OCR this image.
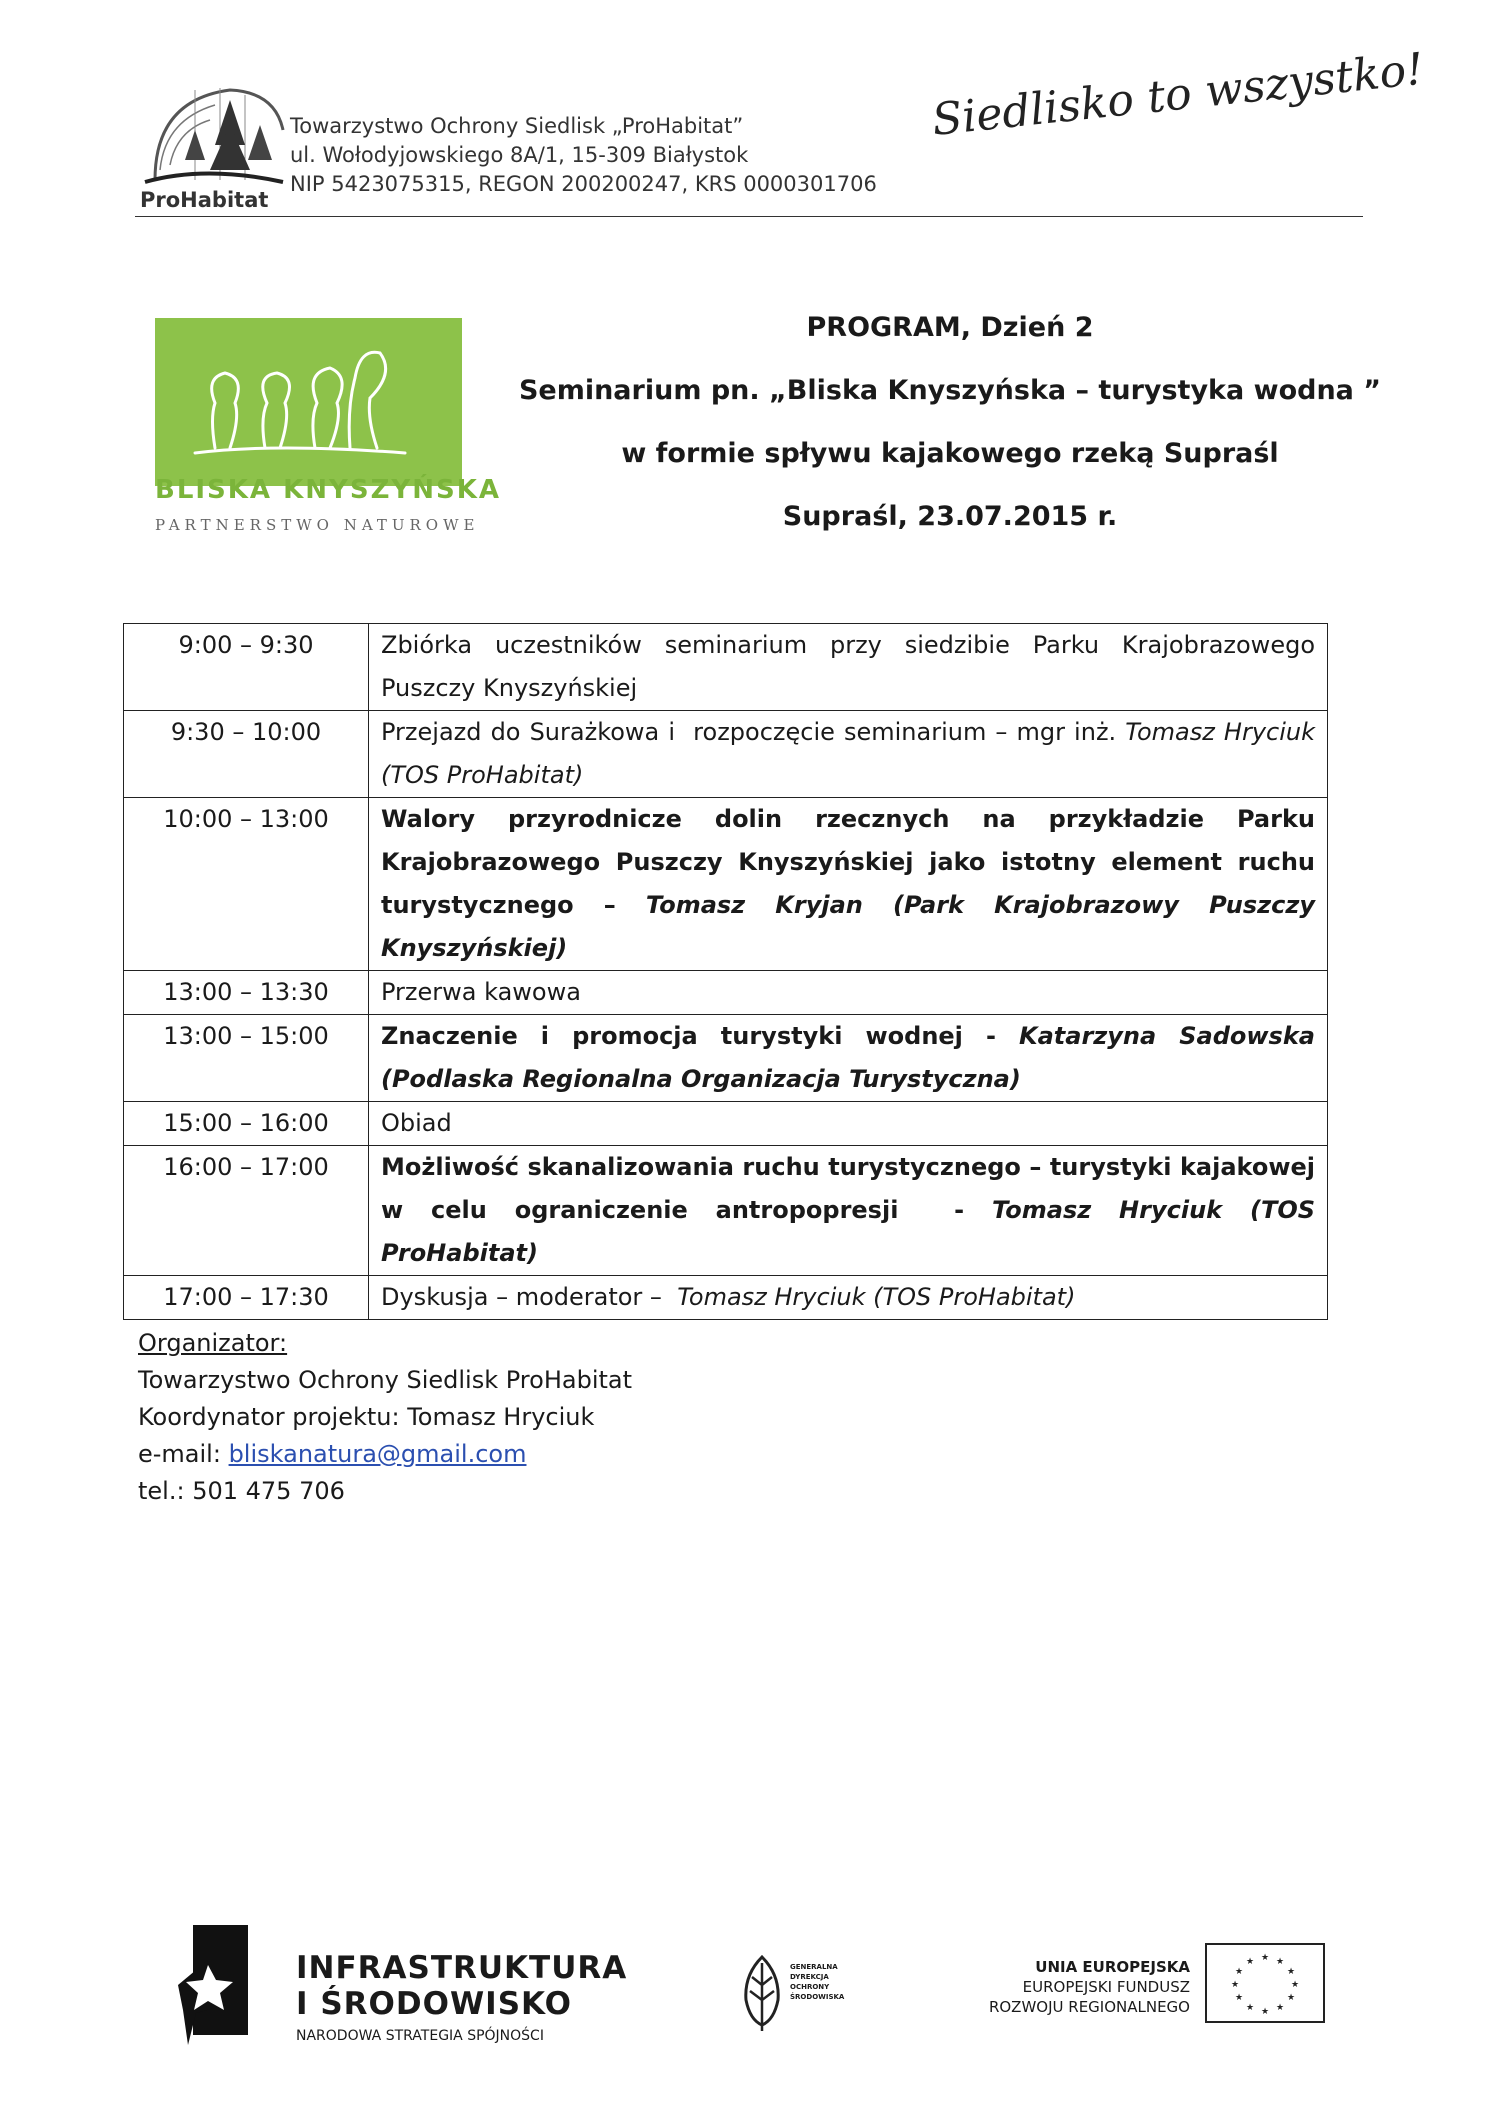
ProHabitat
Towarzystwo Ochrony Siedlisk „ProHabitat”
ul. Wołodyjowskiego 8A/1, 15-309 Białystok
NIP 5423075315, REGON 200200247, KRS 0000301706
Siedlisko to wszystko!
BLISKA KNYSZYŃSKA
PARTNERSTWO NATUROWE
PROGRAM, Dzień 2
Seminarium pn. „Bliska Knyszyńska – turystyka wodna ”
w formie spływu kajakowego rzeką Supraśl
Supraśl, 23.07.2015 r.
9:00 – 9:30	Zbiórka uczestników seminarium przy siedzibie Parku Krajobrazowego Puszczy Knyszyńskiej
9:30 – 10:00	Przejazd do Surażkowa i  rozpoczęcie seminarium – mgr inż. Tomasz Hryciuk (TOS ProHabitat)
10:00 – 13:00	Walory przyrodnicze dolin rzecznych na przykładzie Parku Krajobrazowego Puszczy Knyszyńskiej jako istotny element ruchu turystycznego – Tomasz Kryjan (Park Krajobrazowy Puszczy Knyszyńskiej)
13:00 – 13:30	Przerwa kawowa
13:00 – 15:00	Znaczenie i promocja turystyki wodnej - Katarzyna Sadowska (Podlaska Regionalna Organizacja Turystyczna)
15:00 – 16:00	Obiad
16:00 – 17:00	Możliwość skanalizowania ruchu turystycznego – turystyki kajakowej w celu ograniczenie antropopresji  - Tomasz Hryciuk (TOS ProHabitat)
17:00 – 17:30	Dyskusja – moderator –  Tomasz Hryciuk (TOS ProHabitat)
Organizator:
Towarzystwo Ochrony Siedlisk ProHabitat
Koordynator projektu: Tomasz Hryciuk
e-mail: bliskanatura@gmail.com
tel.: 501 475 706
INFRASTRUKTURA
I ŚRODOWISKO
NARODOWA STRATEGIA SPÓJNOŚCI
GENERALNA
DYREKCJA
OCHRONY
ŚRODOWISKA
UNIA EUROPEJSKA
EUROPEJSKI FUNDUSZ
ROZWOJU REGIONALNEGO
★ ★
★
★
★
★
★
★
★
★
★
★
